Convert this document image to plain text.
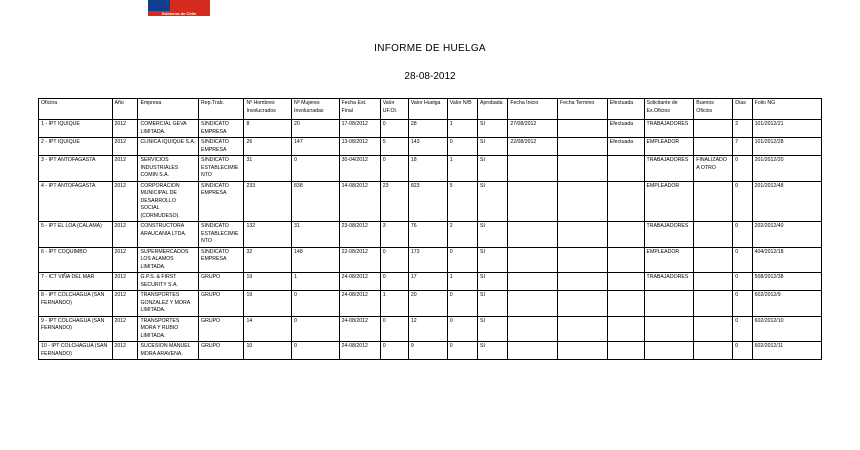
Gobierno de Chile
INFORME DE HUELGA
28-08-2012
Oficina	Año	Empresa	Rep.Trab.	Nº Hombres Involucrados	Nº Mujeres Involucradas	Fecha Est. Final	Valor UF.Ol.	Valor Huelga	Valor N/B	Aprobada	Fecha Inicio	Fecha Termino	Efectuada	Solicitante de Ex.Oficios	Buenos Oficios	Días	Folio NG
1 - IPT IQUIQUE	2012	COMERCIAL GEVA LIMITADA.	SINDICATO EMPRESA	8	20	17-08/2012	0	28	1	SI	27/08/2012		Efectuada	TRABAJADORES		2	101/2012/21
2 - IPT IQUIQUE	2012	CLINICA IQUIQUE S.A.	SINDICATO EMPRESA	26	147	13-08/2012	5	143	0	SI	22/08/2012		Efectuada	EMPLEADOR		7	101/2012/28
3 - IPT ANTOFAGASTA	2012	SERVICIOS INDUSTRIALES COMIN S.A.	SINDICATO ESTABLECIMIENTO	31	0	30-04/2012	0	18	1	SI				TRABAJADORES	FINALIZADO A OTRO	0	201/2012/20
4 - IPT ANTOFAGASTA	2012	CORPORACION MUNICIPAL DE DESARROLLO SOCIAL (CORMUDESO).	SINDICATO EMPRESA	233	838	14-08/2012	23	823	5	SI				EMPLEADOR		0	201/2012/48
5 - IPT EL LOA (CALAMA)	2012	CONSTRUCTORA ARAUCANIA LTDA.	SINDICATO ESTABLECIMIENTO	132	31	23-08/2012	3	76	2	SI				TRABAJADORES		0	202/2012/40
6 - IPT COQUIMBO	2012	SUPERMERCADOS LOS ALAMOS LIMITADA.	SINDICATO EMPRESA	32	148	22-08/2012	0	173	0	SI				EMPLEADOR		0	404/2012/18
7 - ICT VIÑA DEL MAR	2012	G.P.S. & FIRST SECURITY S.A.	GRUPO	19	1	24-08/2012	0	17	1	SI				TRABAJADORES		0	508/2012/38
8 - IPT COLCHAGUA (SAN FERNANDO)	2012	TRANSPORTES GONZALEZ Y MORA LIMITADA.	GRUPO	19	0	24-08/2012	1	20	0	SI						0	602/2012/9
9 - IPT COLCHAGUA (SAN FERNANDO)	2012	TRANSPORTES MORA Y RUBIO LIMITADA.	GRUPO	14	0	24-08/2012	0	12	0	SI						0	602/2012/10
10 - IPT COLCHAGUA (SAN FERNANDO)	2012	SUCESION MANUEL MORA ARAVENA.	GRUPO	10	0	24-08/2012	0	9	0	SI						0	602/2012/11
